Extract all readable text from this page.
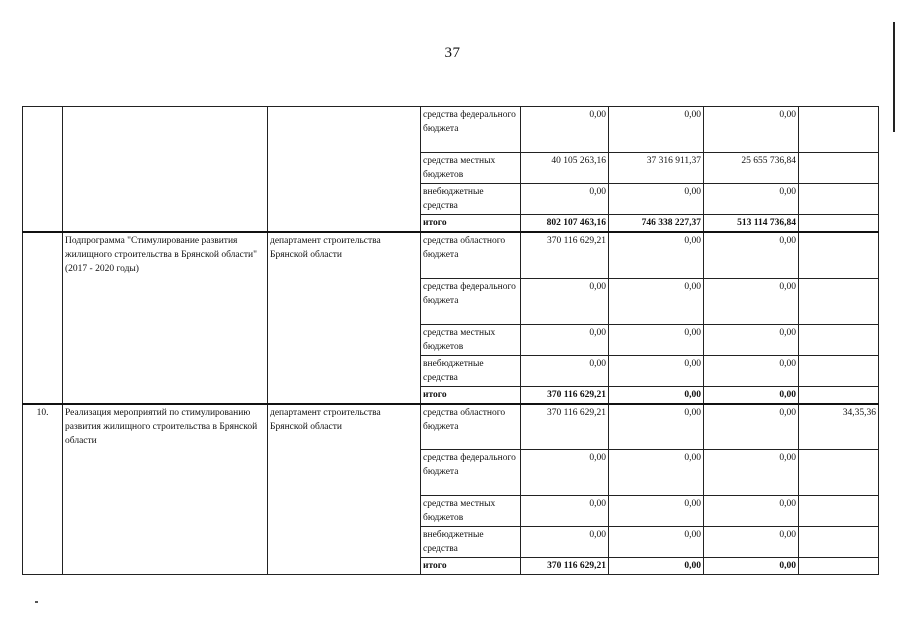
37
			средства федерального бюджета	0,00	0,00	0,00	
			средства местных бюджетов	40 105 263,16	37 316 911,37	25 655 736,84	
			внебюджетные средства	0,00	0,00	0,00	
			итого	802 107 463,16	746 338 227,37	513 114 736,84	
	Подпрограмма "Стимулирование развития жилищного строительства в Брянской области" (2017 - 2020 годы)	департамент строительства Брянской области	средства областного бюджета	370 116 629,21	0,00	0,00	
			средства федерального бюджета	0,00	0,00	0,00	
			средства местных бюджетов	0,00	0,00	0,00	
			внебюджетные средства	0,00	0,00	0,00	
			итого	370 116 629,21	0,00	0,00	
10.	Реализация мероприятий по стимулированию развития жилищного строительства в Брянской области	департамент строительства Брянской области	средства областного бюджета	370 116 629,21	0,00	0,00	34,35,36
			средства федерального бюджета	0,00	0,00	0,00	
			средства местных бюджетов	0,00	0,00	0,00	
			внебюджетные средства	0,00	0,00	0,00	
			итого	370 116 629,21	0,00	0,00	
